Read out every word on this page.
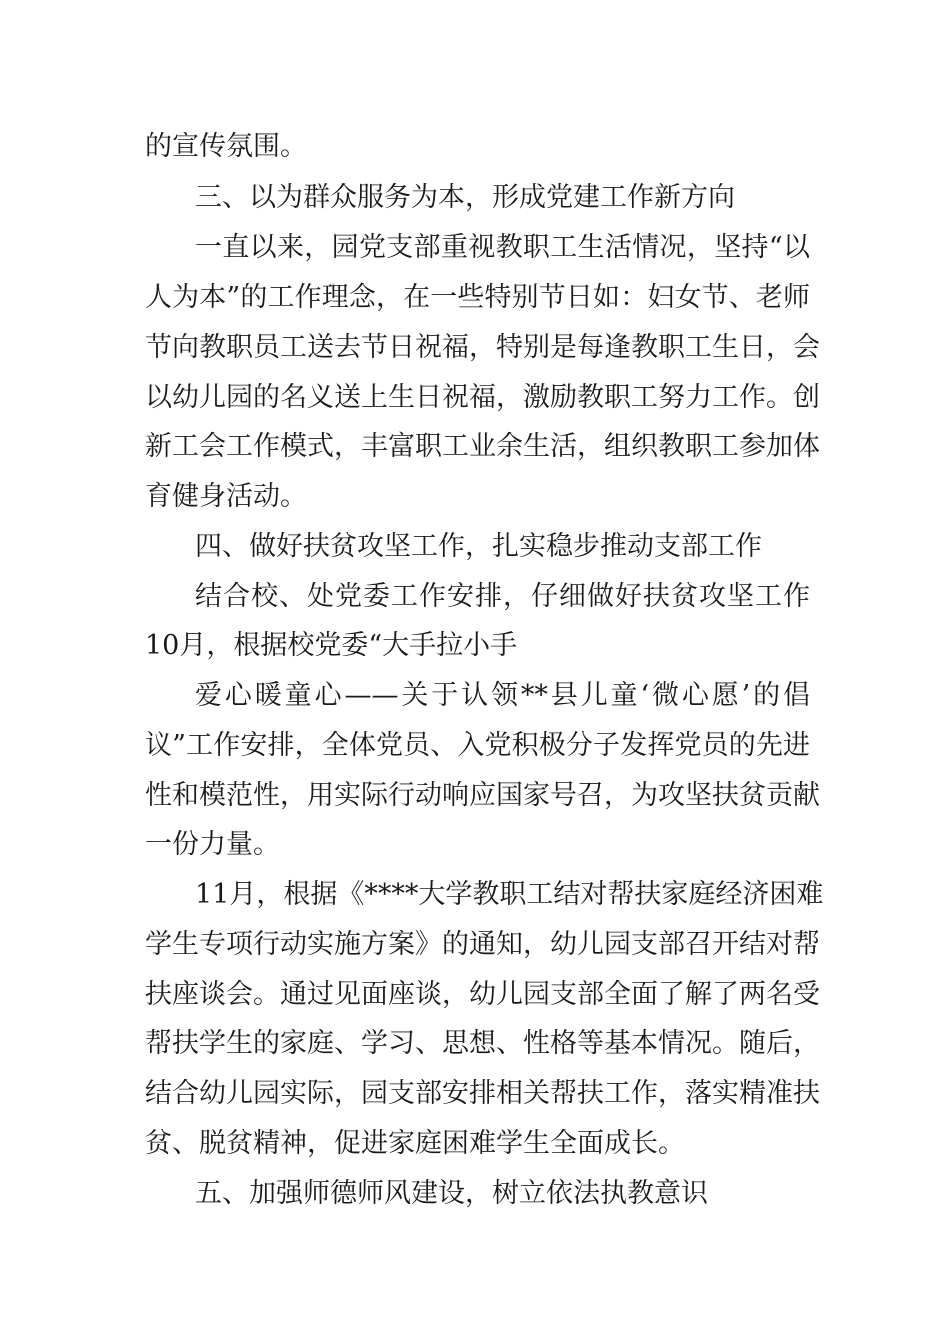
的宣传氛围。
三、以为群众服务为本，形成党建工作新方向
一直以来，园党支部重视教职工生活情况，坚持“以
人为本”的工作理念，在一些特别节日如：妇女节、老师
节向教职员工送去节日祝福，特别是每逢教职工生日，会
以幼儿园的名义送上生日祝福，激励教职工努力工作。创
新工会工作模式，丰富职工业余生活，组织教职工参加体
育健身活动。
四、做好扶贫攻坚工作，扎实稳步推动支部工作
结合校、处党委工作安排，仔细做好扶贫攻坚工作
10月，根据校党委“大手拉小手
爱心暖童心——关于认领**县儿童‘微心愿’的倡
议”工作安排，全体党员、入党积极分子发挥党员的先进
性和模范性，用实际行动响应国家号召，为攻坚扶贫贡献
一份力量。
11月，根据《****大学教职工结对帮扶家庭经济困难
学生专项行动实施方案》的通知，幼儿园支部召开结对帮
扶座谈会。通过见面座谈，幼儿园支部全面了解了两名受
帮扶学生的家庭、学习、思想、性格等基本情况。随后，
结合幼儿园实际，园支部安排相关帮扶工作，落实精准扶
贫、脱贫精神，促进家庭困难学生全面成长。
五、加强师德师风建设，树立依法执教意识
